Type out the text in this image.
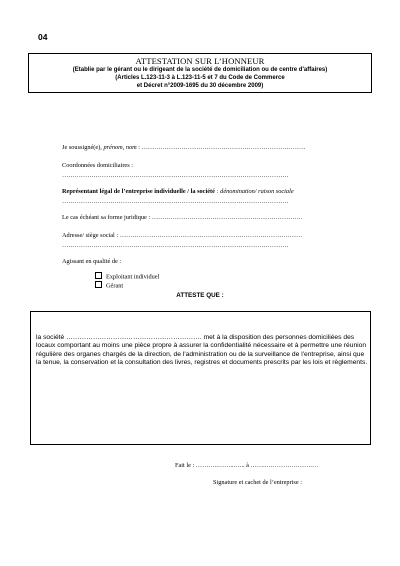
04
ATTESTATION SUR L’HONNEUR
(Etablie par le gérant ou le dirigeant de la société de domiciliation ou de centre d'affaires)
(Articles L.123-11-3 à L.123-11-5 et 7 du Code de Commerce
et Décret n°2009-1695 du 30 décembre 2009)
Je soussigné(e), prénom, nom : ……………………………………………………………………
Coordonnées domiciliaires :
………………………………………………………………………………………………
Représentant légal de l’entreprise individuelle / la société : dénomination/ raison sociale
………………………………………………………………………………………………
Le cas échéant sa forme juridique : ………………………………………………………………
Adresse/ siège social : ……………………………………………………………………………
………………………………………………………………………………………………
Agissant en qualité de :
Exploitant individuel
Gérant
ATTESTE QUE :
la société ……………………………………………………. met à la disposition des personnes domiciliées des locaux comportant au moins une pièce propre à assurer la confidentialité nécessaire et à permettre une réunion régulière des organes chargés de la direction, de l'administration ou de la surveillance de l'entreprise, ainsi que la tenue, la conservation et la consultation des livres, registres et documents prescrits par les lois et règlements.
Fait le : ………..……...….. à ……..………………….…
Signature et cachet de l’entreprise :
